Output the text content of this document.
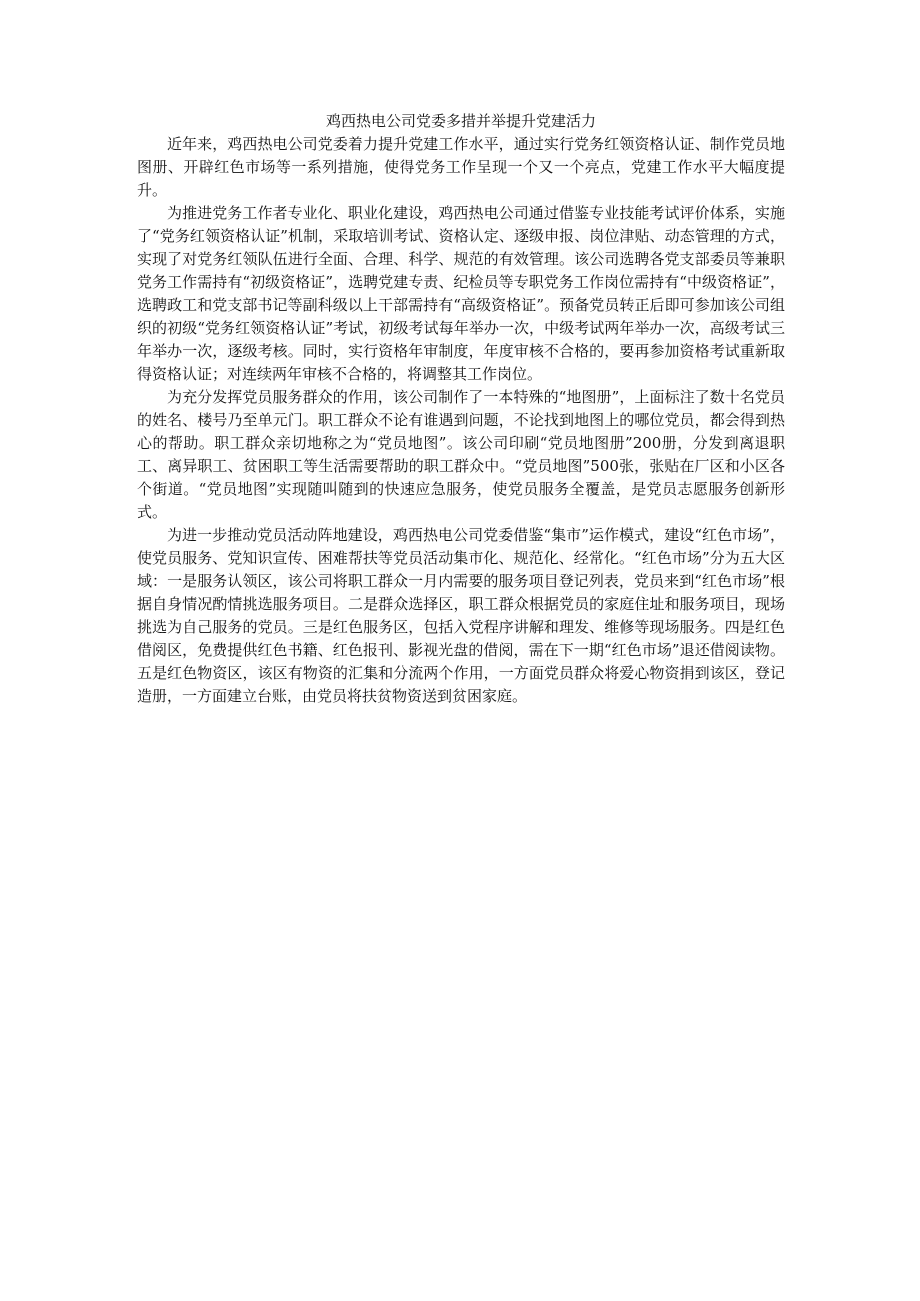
鸡西热电公司党委多措并举提升党建活力

近年来，鸡西热电公司党委着力提升党建工作水平，通过实行党务红领资格认证、制作党员地图册、开辟红色市场等一系列措施，使得党务工作呈现一个又一个亮点，党建工作水平大幅度提升。

为推进党务工作者专业化、职业化建设，鸡西热电公司通过借鉴专业技能考试评价体系，实施了“党务红领资格认证”机制，采取培训考试、资格认定、逐级申报、岗位津贴、动态管理的方式，实现了对党务红领队伍进行全面、合理、科学、规范的有效管理。该公司选聘各党支部委员等兼职党务工作需持有“初级资格证”，选聘党建专责、纪检员等专职党务工作岗位需持有“中级资格证”，选聘政工和党支部书记等副科级以上干部需持有“高级资格证”。预备党员转正后即可参加该公司组织的初级“党务红领资格认证”考试，初级考试每年举办一次，中级考试两年举办一次，高级考试三年举办一次，逐级考核。同时，实行资格年审制度，年度审核不合格的，要再参加资格考试重新取得资格认证；对连续两年审核不合格的，将调整其工作岗位。

为充分发挥党员服务群众的作用，该公司制作了一本特殊的“地图册”，上面标注了数十名党员的姓名、楼号乃至单元门。职工群众不论有谁遇到问题，不论找到地图上的哪位党员，都会得到热心的帮助。职工群众亲切地称之为“党员地图”。该公司印刷“党员地图册”200册，分发到离退职工、离异职工、贫困职工等生活需要帮助的职工群众中。“党员地图”500张，张贴在厂区和小区各个街道。“党员地图”实现随叫随到的快速应急服务，使党员服务全覆盖，是党员志愿服务创新形式。

为进一步推动党员活动阵地建设，鸡西热电公司党委借鉴“集市”运作模式，建设“红色市场”，使党员服务、党知识宣传、困难帮扶等党员活动集市化、规范化、经常化。“红色市场”分为五大区域：一是服务认领区，该公司将职工群众一月内需要的服务项目登记列表，党员来到“红色市场”根据自身情况酌情挑选服务项目。二是群众选择区，职工群众根据党员的家庭住址和服务项目，现场挑选为自己服务的党员。三是红色服务区，包括入党程序讲解和理发、维修等现场服务。四是红色借阅区，免费提供红色书籍、红色报刊、影视光盘的借阅，需在下一期“红色市场”退还借阅读物。五是红色物资区，该区有物资的汇集和分流两个作用，一方面党员群众将爱心物资捐到该区，登记造册，一方面建立台账，由党员将扶贫物资送到贫困家庭。
